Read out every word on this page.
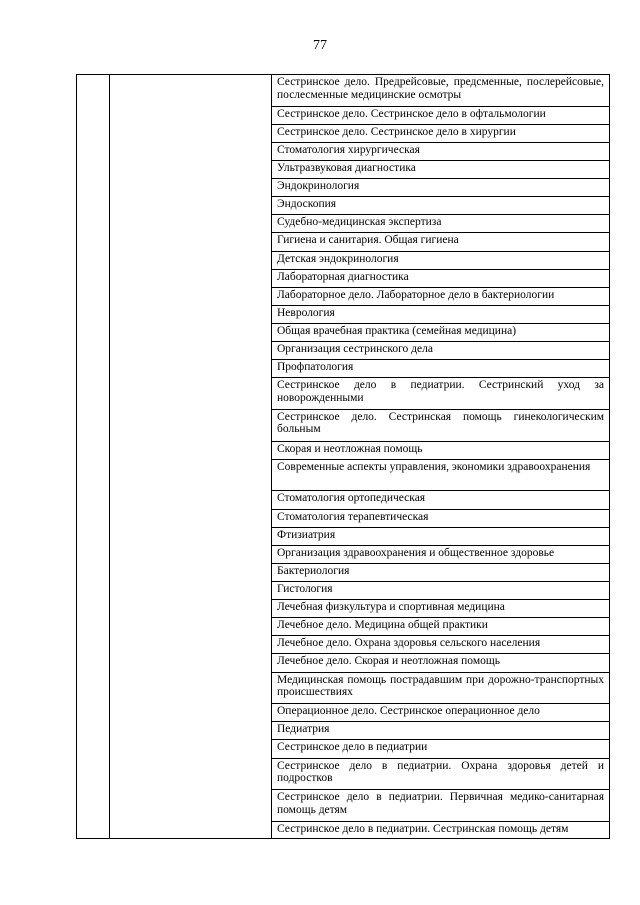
77
Сестринское дело. Предрейсовые, предсменные, послерейсовые, послесменные медицинские осмотры
Сестринское дело. Сестринское дело в офтальмологии
Сестринское дело. Сестринское дело в хирургии
Стоматология хирургическая
Ультразвуковая диагностика
Эндокринология
Эндоскопия
Судебно-медицинская экспертиза
Гигиена и санитария. Общая гигиена
Детская эндокринология
Лабораторная диагностика
Лабораторное дело. Лабораторное дело в бактериологии
Неврология
Общая врачебная практика (семейная медицина)
Организация сестринского дела
Профпатология
Сестринское дело в педиатрии. Сестринский уход за новорожденными
Сестринское дело. Сестринская помощь гинекологическим больным
Скорая и неотложная помощь
Современные аспекты управления, экономики здравоохранения
Стоматология ортопедическая
Стоматология терапевтическая
Фтизиатрия
Организация здравоохранения и общественное здоровье
Бактериология
Гистология
Лечебная физкультура и спортивная медицина
Лечебное дело. Медицина общей практики
Лечебное дело. Охрана здоровья сельского населения
Лечебное дело. Скорая и неотложная помощь
Медицинская помощь пострадавшим при дорожно-транспортных происшествиях
Операционное дело. Сестринское операционное дело
Педиатрия
Сестринское дело в педиатрии
Сестринское дело в педиатрии. Охрана здоровья детей и подростков
Сестринское дело в педиатрии. Первичная медико-санитарная помощь детям
Сестринское дело в педиатрии. Сестринская помощь детям
